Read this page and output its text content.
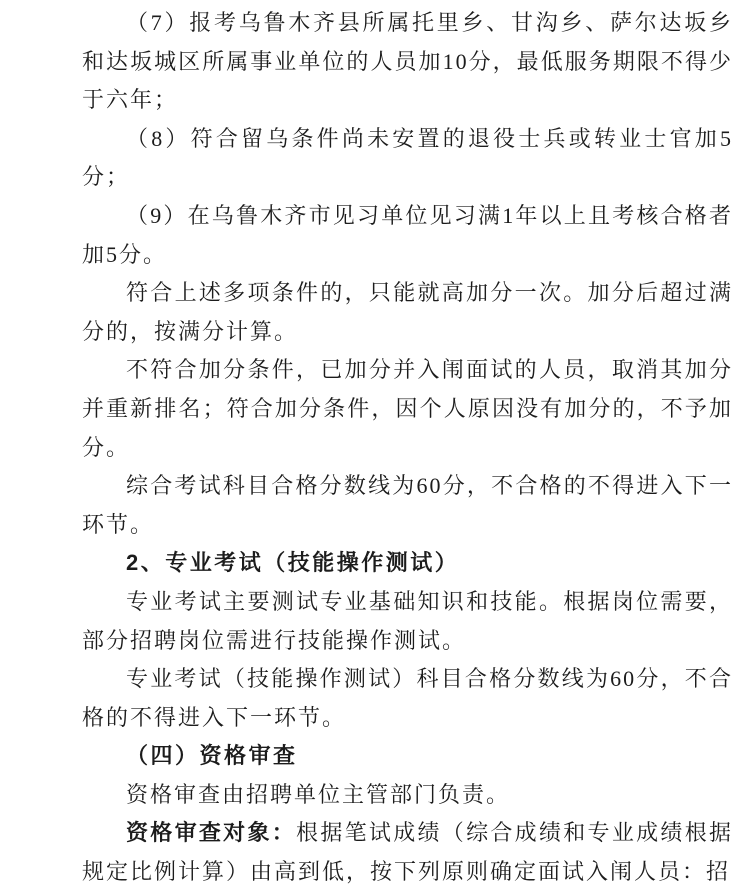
（7）报考乌鲁木齐县所属托里乡、甘沟乡、萨尔达坂乡和达坂城区所属事业单位的人员加10分，最低服务期限不得少于六年；

（8）符合留乌条件尚未安置的退役士兵或转业士官加5分；

（9）在乌鲁木齐市见习单位见习满1年以上且考核合格者加5分。

符合上述多项条件的，只能就高加分一次。加分后超过满分的，按满分计算。

不符合加分条件，已加分并入闱面试的人员，取消其加分并重新排名；符合加分条件，因个人原因没有加分的，不予加分。

综合考试科目合格分数线为60分，不合格的不得进入下一环节。

2、专业考试（技能操作测试）

专业考试主要测试专业基础知识和技能。根据岗位需要，部分招聘岗位需进行技能操作测试。

专业考试（技能操作测试）科目合格分数线为60分，不合格的不得进入下一环节。

（四）资格审查

资格审查由招聘单位主管部门负责。

资格审查对象：根据笔试成绩（综合成绩和专业成绩根据规定比例计算）由高到低，按下列原则确定面试入闱人员：招
